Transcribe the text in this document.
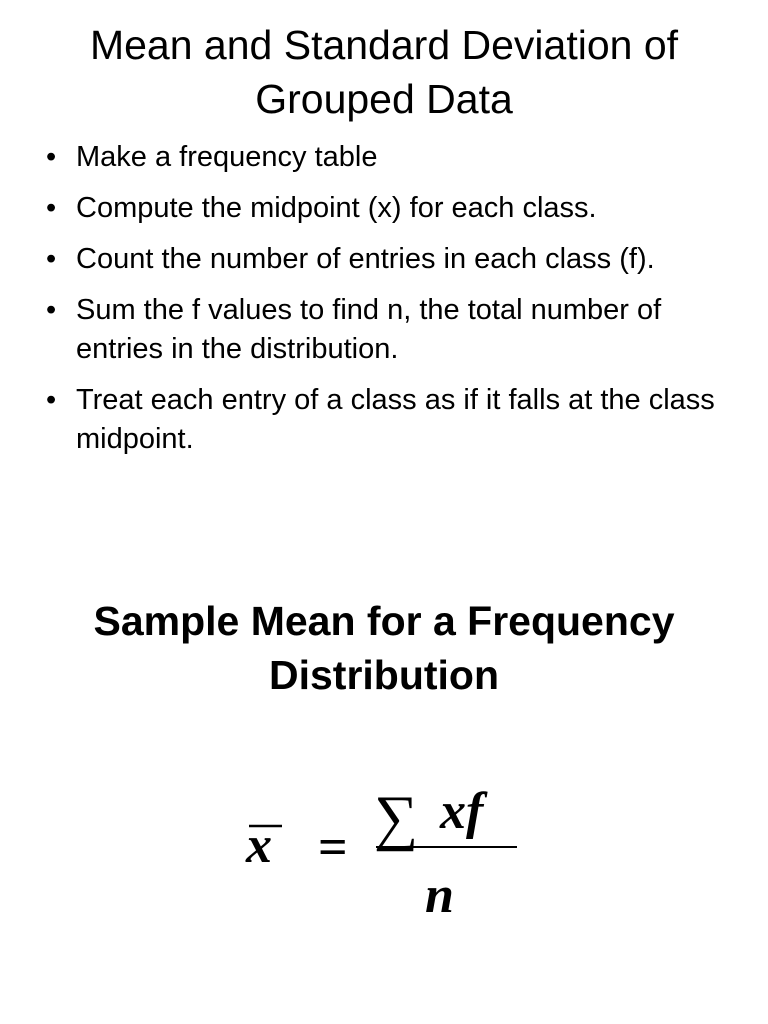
Mean and Standard Deviation of Grouped Data
• Make a frequency table
• Compute the midpoint (x) for each class.
• Count the number of entries in each class (f).
• Sum the f values to find n, the total number of entries in the distribution.
• Treat each entry of a class as if it falls at the class midpoint.
Sample Mean for a Frequency Distribution
x = ∑ xf
n
